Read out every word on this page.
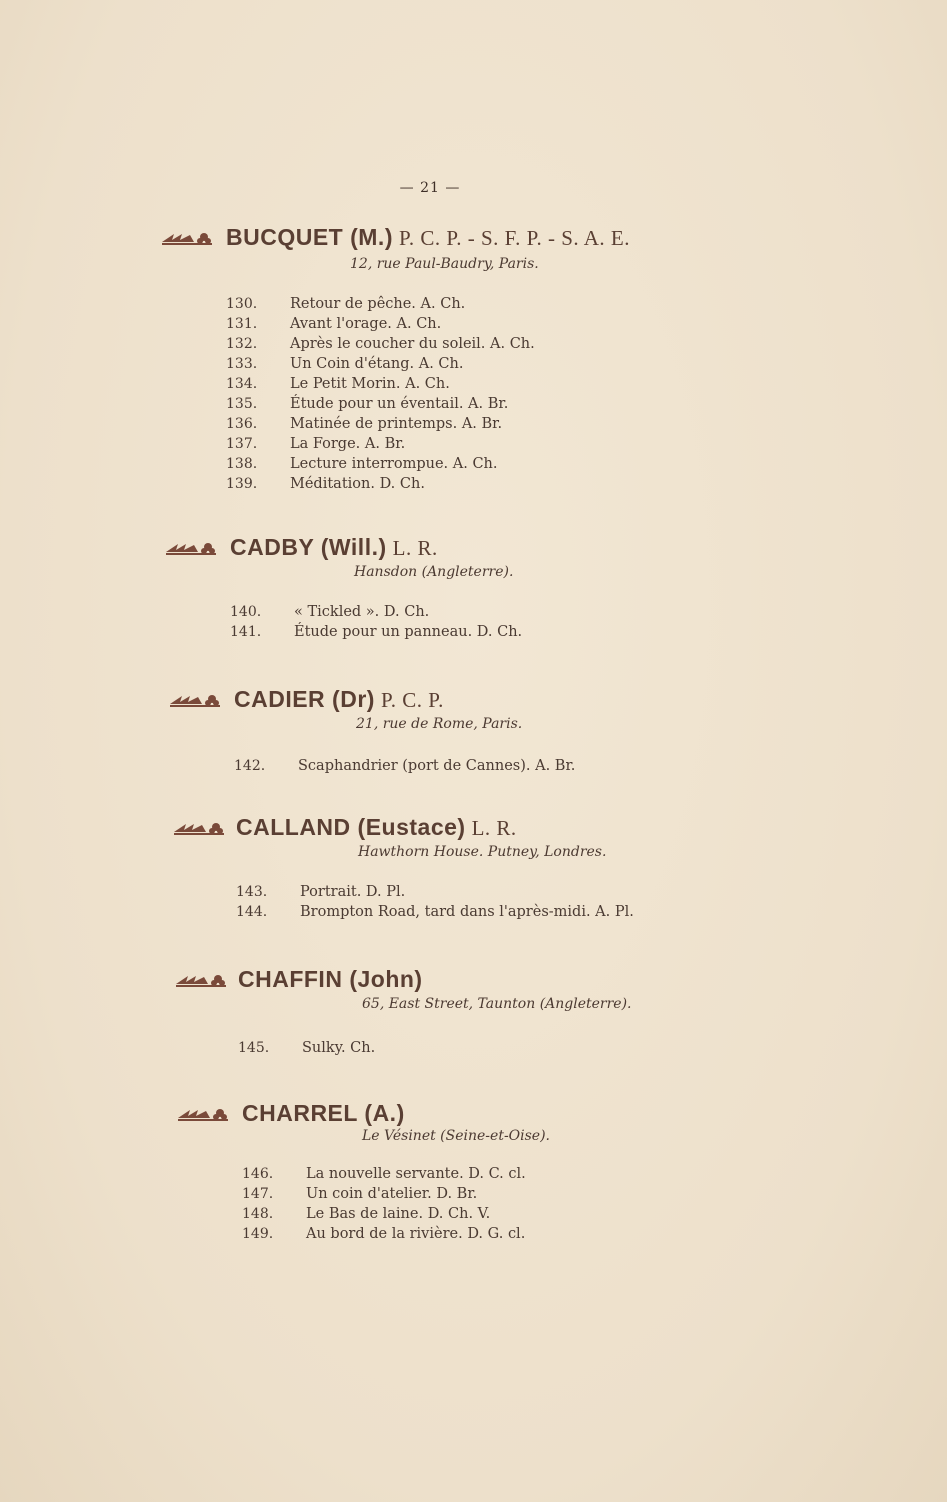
— 21 —
BUCQUET (M.) P. C. P. - S. F. P. - S. A. E.
12, rue Paul-Baudry, Paris.
130. Retour de pêche. A. Ch.
131. Avant l'orage. A. Ch.
132. Après le coucher du soleil. A. Ch.
133. Un Coin d'étang. A. Ch.
134. Le Petit Morin. A. Ch.
135. Étude pour un éventail. A. Br.
136. Matinée de printemps. A. Br.
137. La Forge. A. Br.
138. Lecture interrompue. A. Ch.
139. Méditation. D. Ch.
CADBY (Will.) L. R.
Hansdon (Angleterre).
140. « Tickled ». D. Ch.
141. Étude pour un panneau. D. Ch.
CADIER (Dr) P. C. P.
21, rue de Rome, Paris.
142. Scaphandrier (port de Cannes). A. Br.
CALLAND (Eustace) L. R.
Hawthorn House. Putney, Londres.
143. Portrait. D. Pl.
144. Brompton Road, tard dans l'après-midi. A. Pl.
CHAFFIN (John)
65, East Street, Taunton (Angleterre).
145. Sulky. Ch.
CHARREL (A.)
Le Vésinet (Seine-et-Oise).
146. La nouvelle servante. D. C. cl.
147. Un coin d'atelier. D. Br.
148. Le Bas de laine. D. Ch. V.
149. Au bord de la rivière. D. G. cl.
